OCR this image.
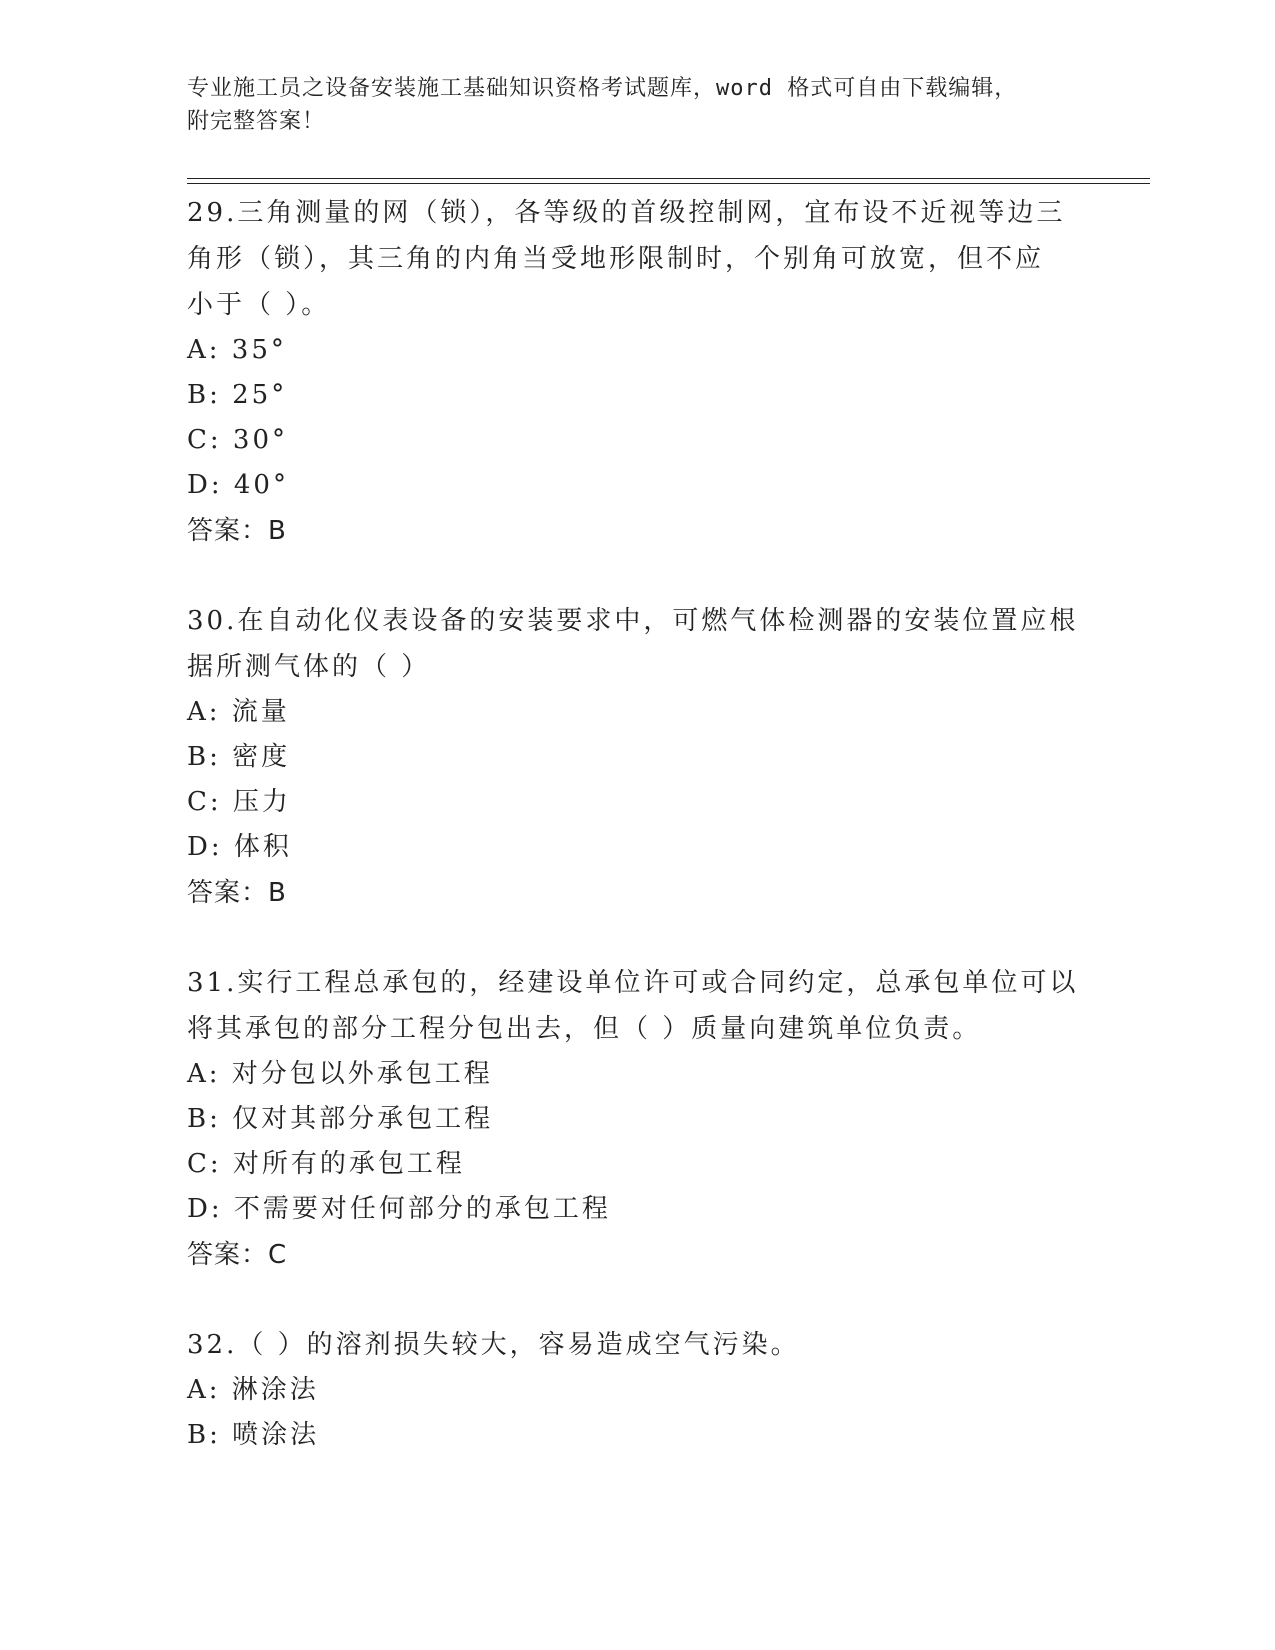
专业施工员之设备安装施工基础知识资格考试题库，word 格式可自由下载编辑，
附完整答案！

29.三角测量的网（锁），各等级的首级控制网，宜布设不近视等边三

角形（锁），其三角的内角当受地形限制时，个别角可放宽，但不应

小于（ ）。

A: 35°

B: 25°

C: 30°

D: 40°

答案：B

30.在自动化仪表设备的安装要求中，可燃气体检测器的安装位置应根

据所测气体的（ ）

A: 流量

B: 密度

C: 压力

D: 体积

答案：B

31.实行工程总承包的，经建设单位许可或合同约定，总承包单位可以

将其承包的部分工程分包出去，但（ ）质量向建筑单位负责。

A: 对分包以外承包工程

B: 仅对其部分承包工程

C: 对所有的承包工程

D: 不需要对任何部分的承包工程

答案：C

32.（ ）的溶剂损失较大，容易造成空气污染。

A: 淋涂法

B: 喷涂法
